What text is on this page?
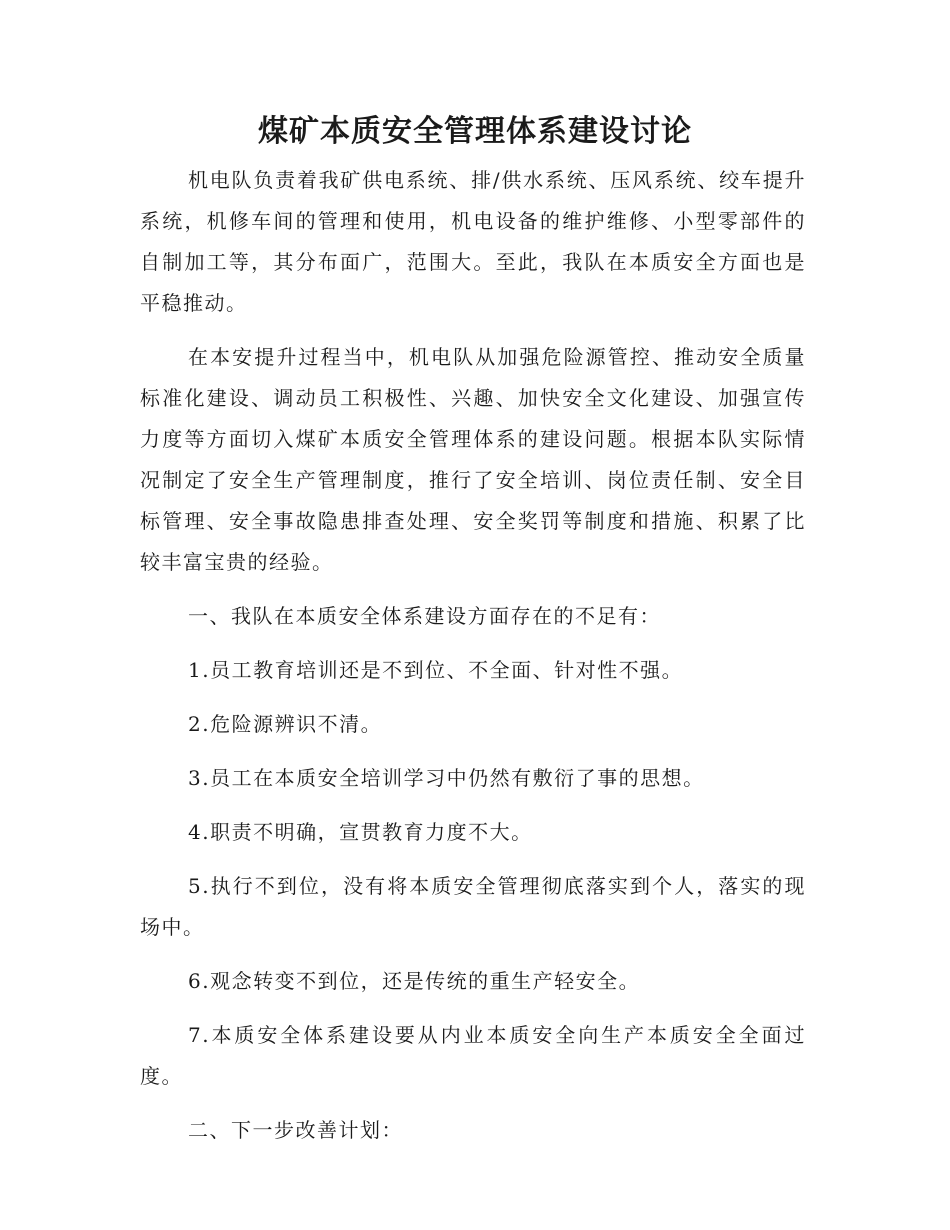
煤矿本质安全管理体系建设讨论

机电队负责着我矿供电系统、排/供水系统、压风系统、绞车提升系统，机修车间的管理和使用，机电设备的维护维修、小型零部件的自制加工等，其分布面广，范围大。至此，我队在本质安全方面也是平稳推动。

在本安提升过程当中，机电队从加强危险源管控、推动安全质量标准化建设、调动员工积极性、兴趣、加快安全文化建设、加强宣传力度等方面切入煤矿本质安全管理体系的建设问题。根据本队实际情况制定了安全生产管理制度，推行了安全培训、岗位责任制、安全目标管理、安全事故隐患排查处理、安全奖罚等制度和措施、积累了比较丰富宝贵的经验。

一、我队在本质安全体系建设方面存在的不足有：

1.员工教育培训还是不到位、不全面、针对性不强。

2.危险源辨识不清。

3.员工在本质安全培训学习中仍然有敷衍了事的思想。

4.职责不明确，宣贯教育力度不大。

5.执行不到位，没有将本质安全管理彻底落实到个人，落实的现场中。

6.观念转变不到位，还是传统的重生产轻安全。

7.本质安全体系建设要从内业本质安全向生产本质安全全面过度。

二、下一步改善计划：
